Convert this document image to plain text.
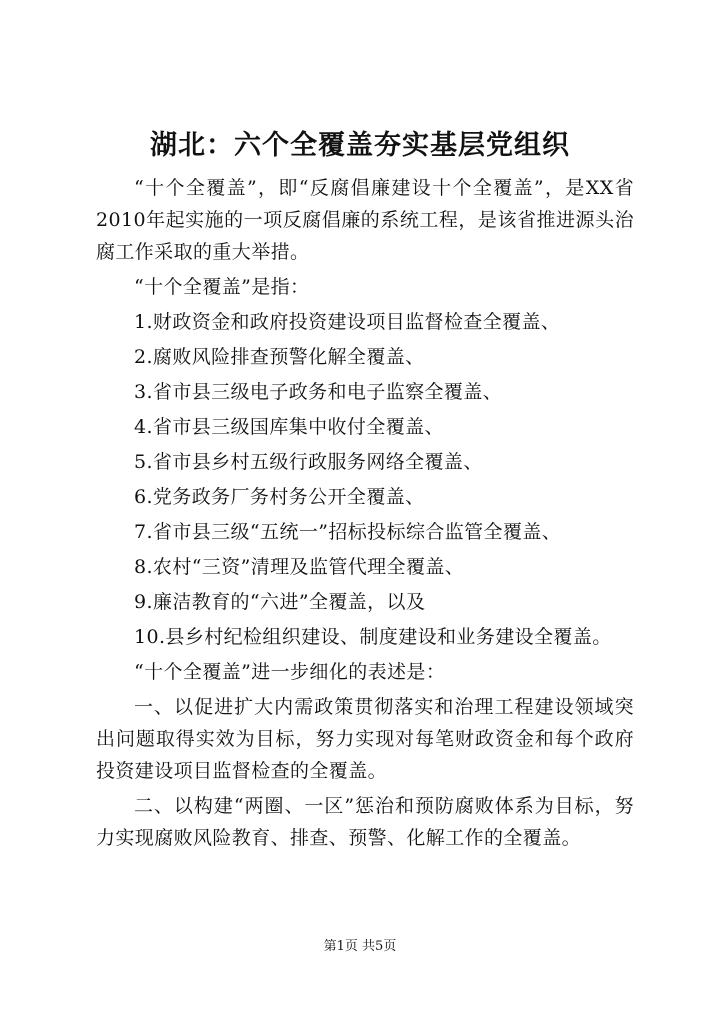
湖北：六个全覆盖夯实基层党组织

“十个全覆盖”，即“反腐倡廉建设十个全覆盖”，是XX省2010年起实施的一项反腐倡廉的系统工程，是该省推进源头治腐工作采取的重大举措。

“十个全覆盖”是指：

1.财政资金和政府投资建设项目监督检查全覆盖、
2.腐败风险排查预警化解全覆盖、
3.省市县三级电子政务和电子监察全覆盖、
4.省市县三级国库集中收付全覆盖、
5.省市县乡村五级行政服务网络全覆盖、
6.党务政务厂务村务公开全覆盖、
7.省市县三级“五统一”招标投标综合监管全覆盖、
8.农村“三资”清理及监管代理全覆盖、
9.廉洁教育的“六进”全覆盖，以及
10.县乡村纪检组织建设、制度建设和业务建设全覆盖。

“十个全覆盖”进一步细化的表述是：

一、以促进扩大内需政策贯彻落实和治理工程建设领域突出问题取得实效为目标，努力实现对每笔财政资金和每个政府投资建设项目监督检查的全覆盖。

二、以构建“两圈、一区”惩治和预防腐败体系为目标，努力实现腐败风险教育、排查、预警、化解工作的全覆盖。

第1页 共5页
